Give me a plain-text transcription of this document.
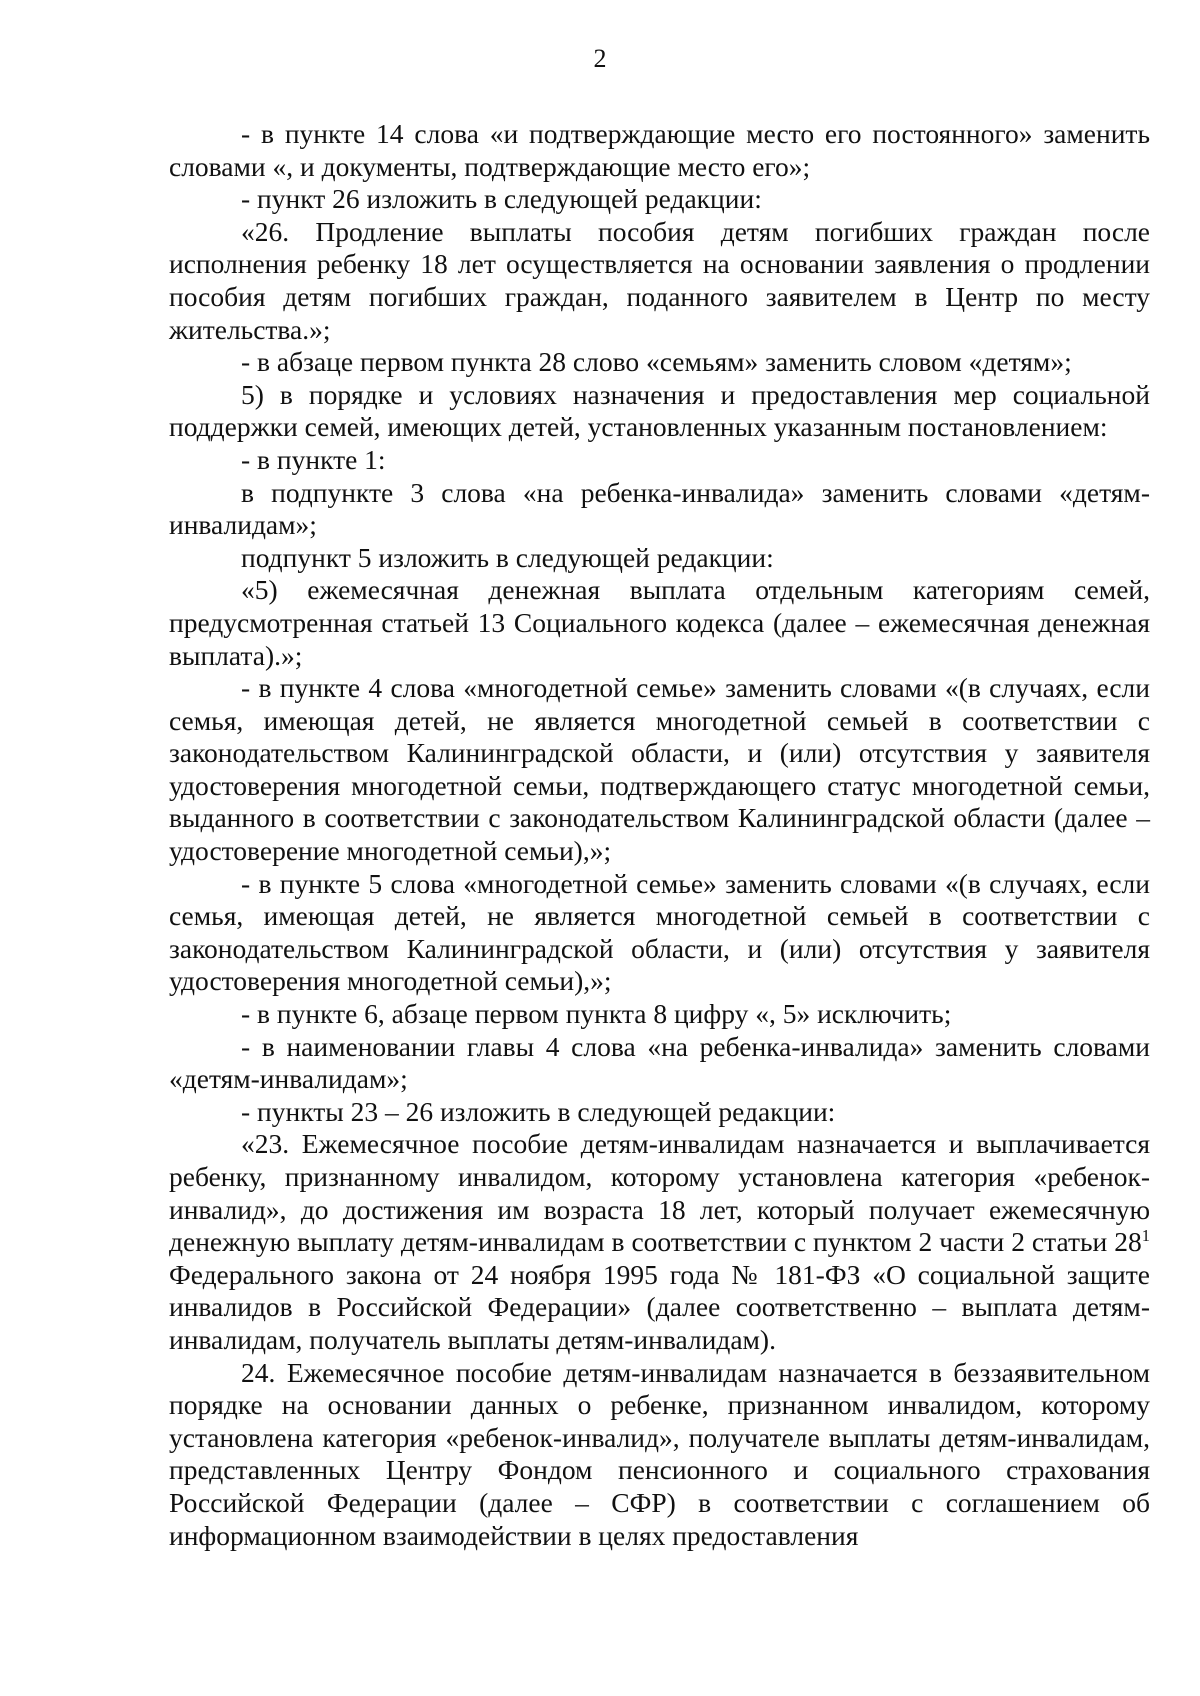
2

- в пункте 14 слова «и подтверждающие место его постоянного» заменить словами «, и документы, подтверждающие место его»;

- пункт 26 изложить в следующей редакции:

«26. Продление выплаты пособия детям погибших граждан после исполнения ребенку 18 лет осуществляется на основании заявления о продлении пособия детям погибших граждан, поданного заявителем в Центр по месту жительства.»;

- в абзаце первом пункта 28 слово «семьям» заменить словом «детям»;

5) в порядке и условиях назначения и предоставления мер социальной поддержки семей, имеющих детей, установленных указанным постановлением:

- в пункте 1:

в подпункте 3 слова «на ребенка-инвалида» заменить словами «детям-инвалидам»;

подпункт 5 изложить в следующей редакции:

«5) ежемесячная денежная выплата отдельным категориям семей, предусмотренная статьей 13 Социального кодекса (далее – ежемесячная денежная выплата).»;

- в пункте 4 слова «многодетной семье» заменить словами «(в случаях, если семья, имеющая детей, не является многодетной семьей в соответствии с законодательством Калининградской области, и (или) отсутствия у заявителя удостоверения многодетной семьи, подтверждающего статус многодетной семьи, выданного в соответствии с законодательством Калининградской области (далее – удостоверение многодетной семьи),»;

- в пункте 5 слова «многодетной семье» заменить словами «(в случаях, если семья, имеющая детей, не является многодетной семьей в соответствии с законодательством Калининградской области, и (или) отсутствия у заявителя удостоверения многодетной семьи),»;

- в пункте 6, абзаце первом пункта 8 цифру «, 5» исключить;

- в наименовании главы 4 слова «на ребенка-инвалида» заменить словами «детям-инвалидам»;

- пункты 23 – 26 изложить в следующей редакции:

«23. Ежемесячное пособие детям-инвалидам назначается и выплачивается ребенку, признанному инвалидом, которому установлена категория «ребенок-инвалид», до достижения им возраста 18 лет, который получает ежемесячную денежную выплату детям-инвалидам в соответствии с пунктом 2 части 2 статьи $28^1$ Федерального закона от 24 ноября 1995 года № 181-ФЗ «О социальной защите инвалидов в Российской Федерации» (далее соответственно – выплата детям-инвалидам, получатель выплаты детям-инвалидам).

24. Ежемесячное пособие детям-инвалидам назначается в беззаявительном порядке на основании данных о ребенке, признанном инвалидом, которому установлена категория «ребенок-инвалид», получателе выплаты детям-инвалидам, представленных Центру Фондом пенсионного и социального страхования Российской Федерации (далее – СФР) в соответствии с соглашением об информационном взаимодействии в целях предоставления
